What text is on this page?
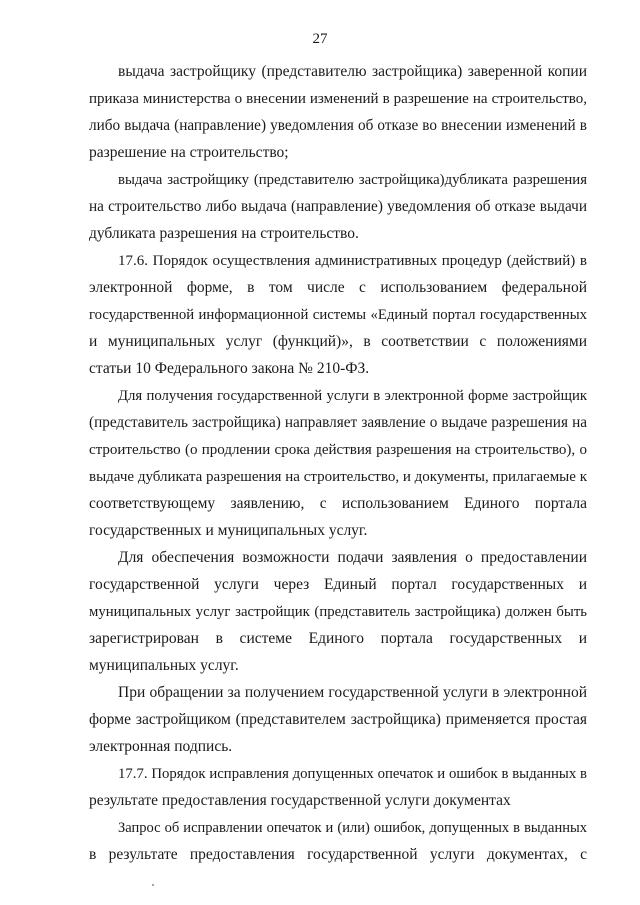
27
выдача застройщику (представителю застройщика) заверенной копии
приказа министерства о внесении изменений в разрешение на строительство,
либо выдача (направление) уведомления об отказе во внесении изменений в
разрешение на строительство;
выдача застройщику (представителю застройщика)дубликата разрешения
на строительство либо выдача (направление) уведомления об отказе выдачи
дубликата разрешения на строительство.
17.6. Порядок осуществления административных процедур (действий) в
электронной форме, в том числе с использованием федеральной
государственной информационной системы «Единый портал государственных
и муниципальных услуг (функций)», в соответствии с положениями
статьи 10 Федерального закона № 210-ФЗ.
Для получения государственной услуги в электронной форме застройщик
(представитель застройщика) направляет заявление о выдаче разрешения на
строительство (о продлении срока действия разрешения на строительство), о
выдаче дубликата разрешения на строительство, и документы, прилагаемые к
соответствующему заявлению, с использованием Единого портала
государственных и муниципальных услуг.
Для обеспечения возможности подачи заявления о предоставлении
государственной услуги через Единый портал государственных и
муниципальных услуг застройщик (представитель застройщика) должен быть
зарегистрирован в системе Единого портала государственных и
муниципальных услуг.
При обращении за получением государственной услуги в электронной
форме застройщиком (представителем застройщика) применяется простая
электронная подпись.
17.7. Порядок исправления допущенных опечаток и ошибок в выданных в
результате предоставления государственной услуги документах
Запрос об исправлении опечаток и (или) ошибок, допущенных в выданных
в результате предоставления государственной услуги документах, с
